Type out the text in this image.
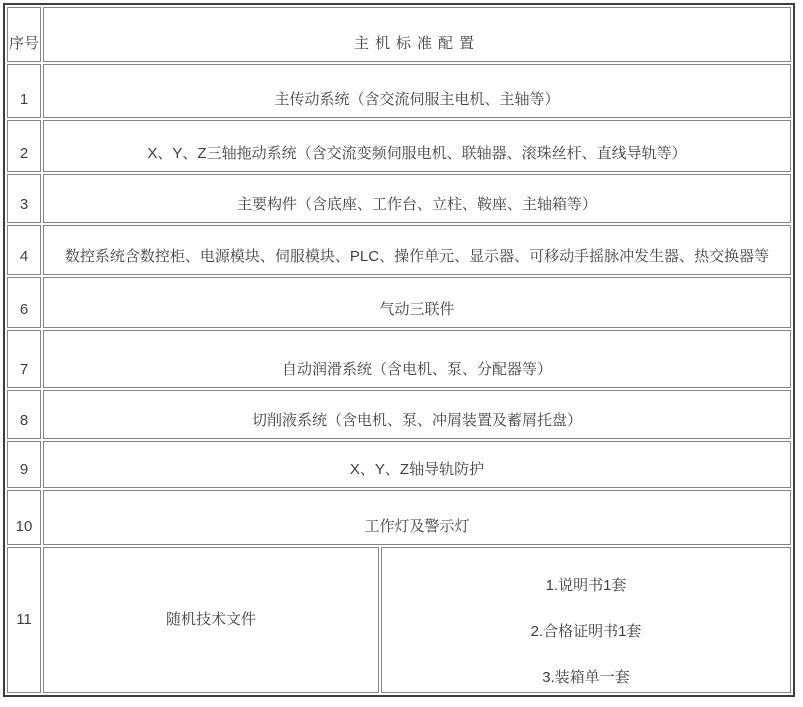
序号	主机标准配置	
1	主传动系统（含交流伺服主电机、主轴等）	
2	X、Y、Z三轴拖动系统（含交流变频伺服电机、联轴器、滚珠丝杆、直线导轨等）	
3	主要构件（含底座、工作台、立柱、鞍座、主轴箱等）	
4	数控系统含数控柜、电源模块、伺服模块、PLC、操作单元、显示器、可移动手摇脉冲发生器、热交换器等	
6	气动三联件	
7	自动润滑系统（含电机、泵、分配器等）	
8	切削液系统（含电机、泵、冲屑装置及蓄屑托盘）	
9	X、Y、Z轴导轨防护	
10	工作灯及警示灯	
11	随机技术文件	1.说明书1套

2.合格证明书1套

3.装箱单一套
